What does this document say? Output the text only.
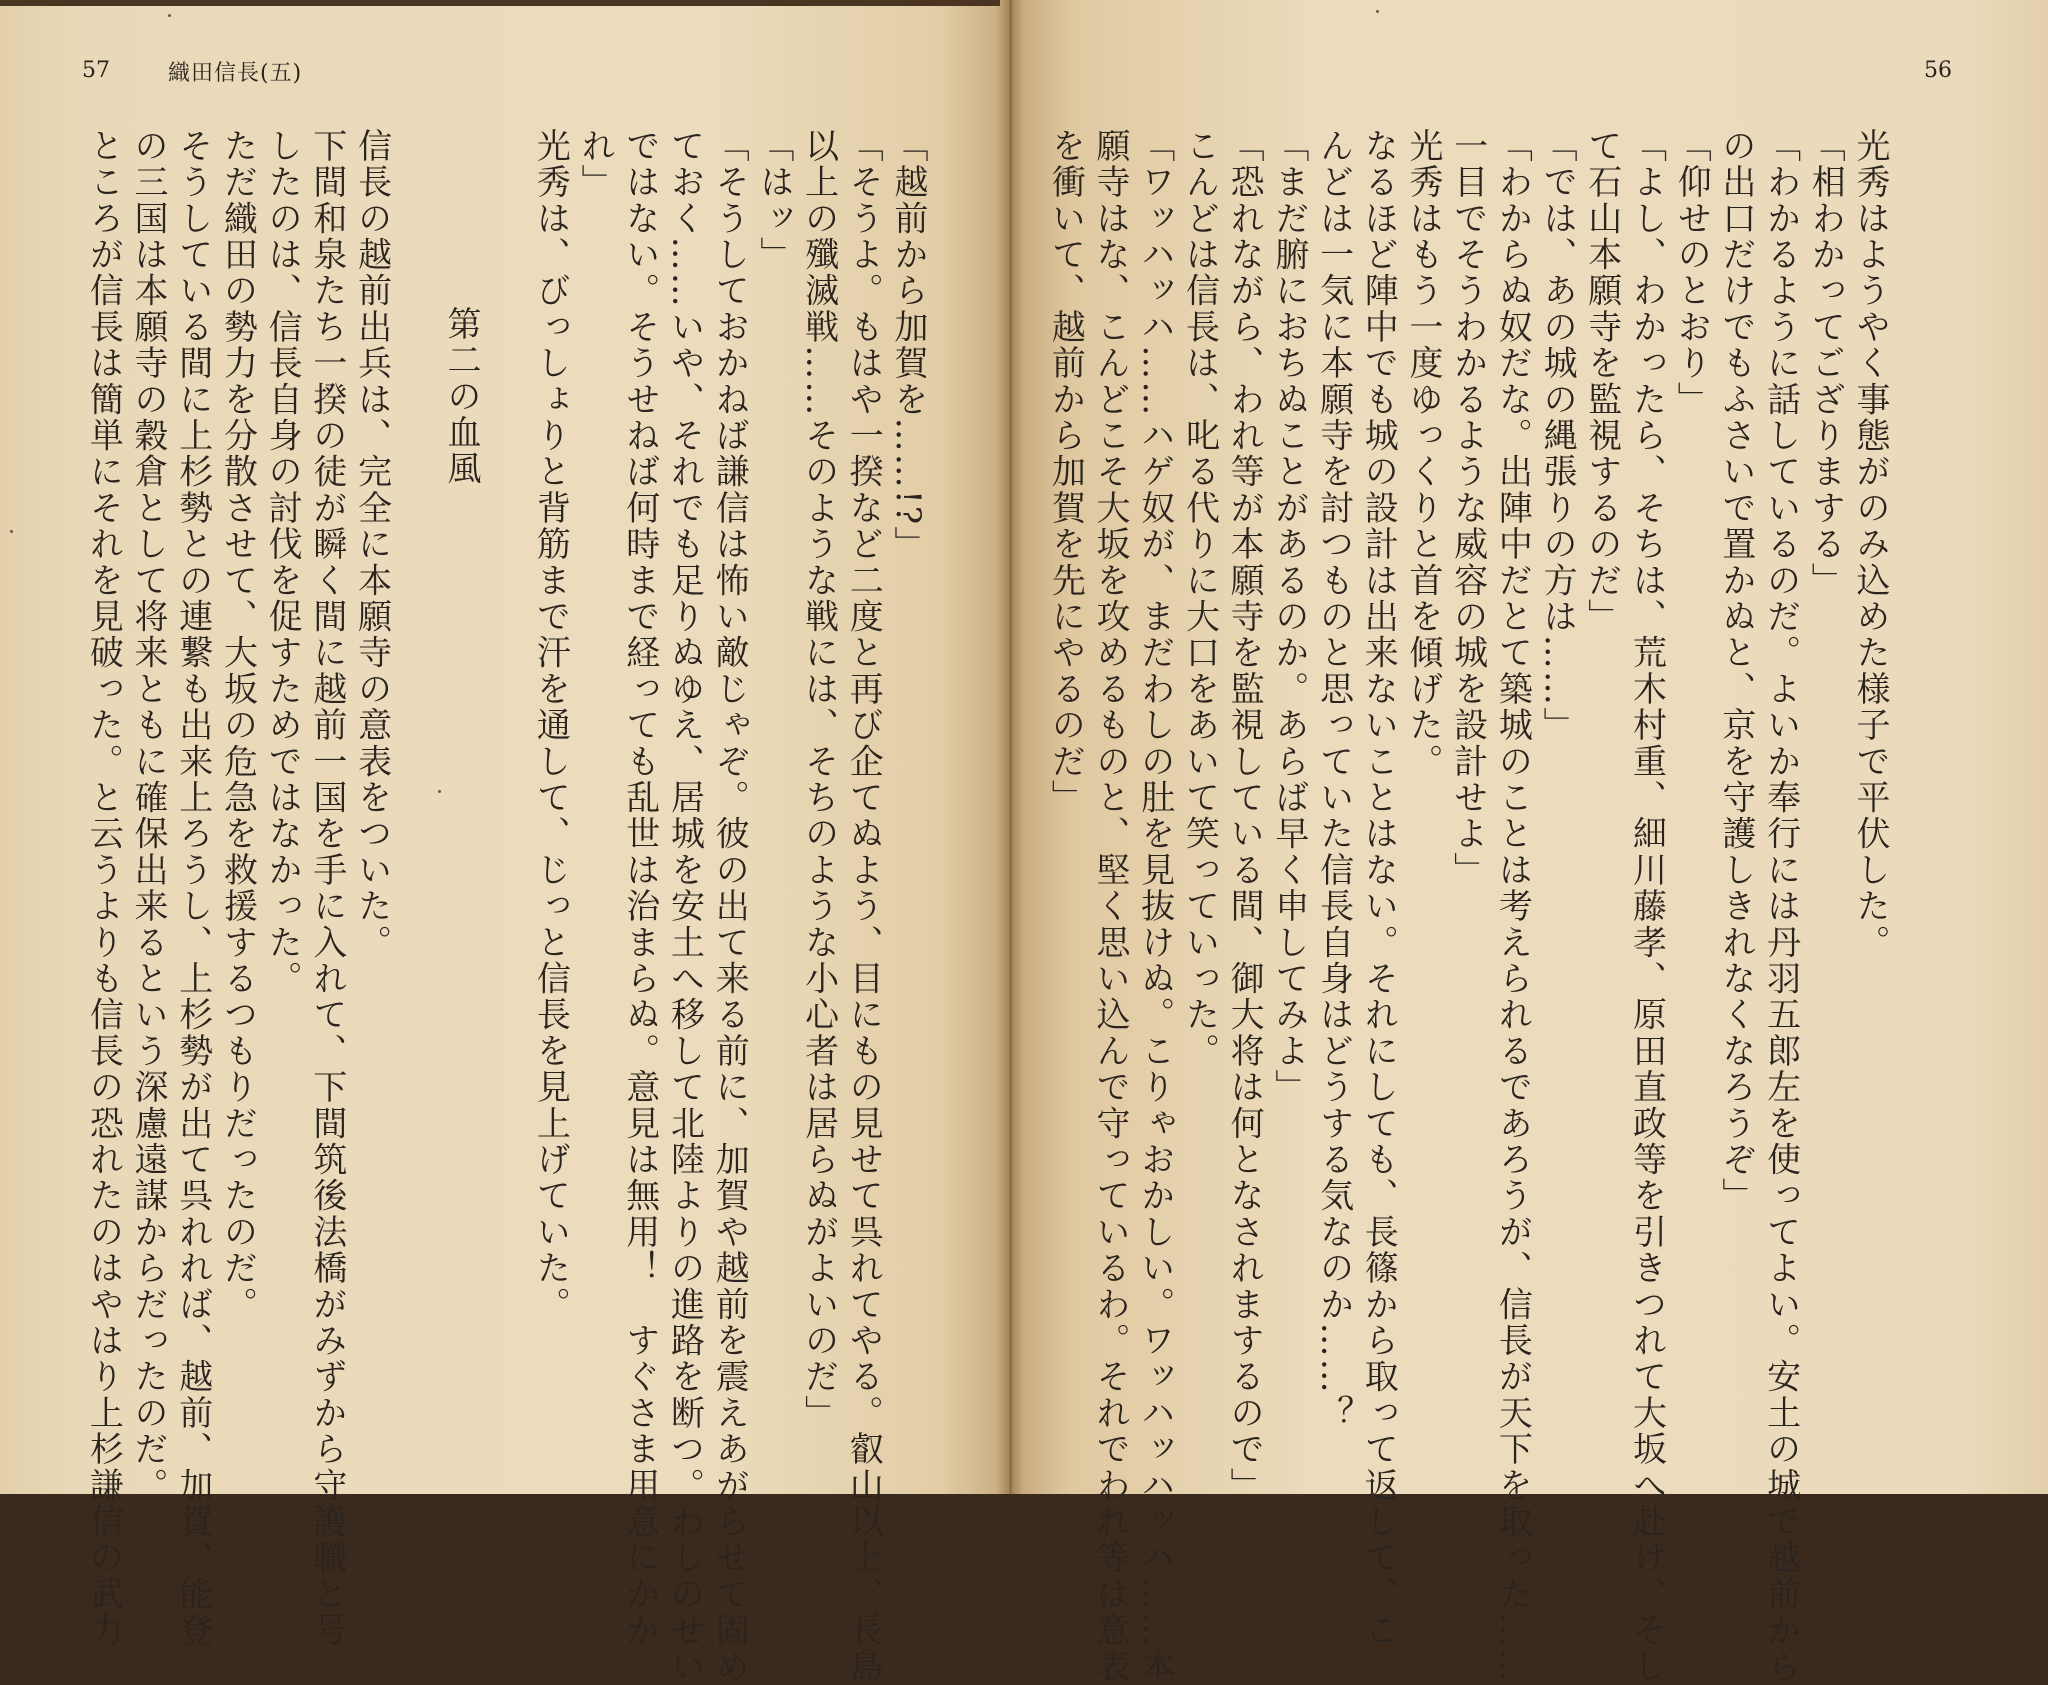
56
光秀はようやく事態がのみ込めた様子で平伏した。
「相わかってござりまする」
「わかるように話しているのだ。よいか奉行には丹羽五郎左を使ってよい。安土の城で越前から
の出口だけでもふさいで置かぬと、京を守護しきれなくなろうぞ」
「仰せのとおり」
「よし、わかったら、そちは、荒木村重、細川藤孝、原田直政等を引きつれて大坂へ赴け、そし
て石山本願寺を監視するのだ」
「では、あの城の縄張りの方は……」
「わからぬ奴だな。出陣中だとて築城のことは考えられるであろうが、信長が天下を取った……
一目でそうわかるような威容の城を設計せよ」
光秀はもう一度ゆっくりと首を傾げた。
なるほど陣中でも城の設計は出来ないことはない。それにしても、長篠から取って返して、こ
んどは一気に本願寺を討つものと思っていた信長自身はどうする気なのか……？
「まだ腑におちぬことがあるのか。あらば早く申してみよ」
「恐れながら、われ等が本願寺を監視している間、御大将は何となされまするので」
こんどは信長は、叱る代りに大口をあいて笑っていった。
「ワッハッハ……ハゲ奴が、まだわしの肚を見抜けぬ。こりゃおかしい。ワッハッハッハ……本
願寺はな、こんどこそ大坂を攻めるものと、堅く思い込んで守っているわ。それでわれ等は意表
を衝いて、越前から加賀を先にやるのだ」
57	織田信長(五)
「越前から加賀を……!?」
「そうよ。もはや一揆など二度と再び企てぬよう、目にもの見せて呉れてやる。叡山以上、長島
以上の殲滅戦……そのような戦には、そちのような小心者は居らぬがよいのだ」
「はッ」
「そうしておかねば謙信は怖い敵じゃぞ。彼の出て来る前に、加賀や越前を震えあがらせて固め
ておく……いや、それでも足りぬゆえ、居城を安土へ移して北陸よりの進路を断つ。わしのせい
ではない。そうせねば何時まで経っても乱世は治まらぬ。意見は無用！　すぐさま用意にかか
れ」
光秀は、びっしょりと背筋まで汗を通して、じっと信長を見上げていた。
第二の血風
信長の越前出兵は、完全に本願寺の意表をついた。
下間和泉たち一揆の徒が瞬く間に越前一国を手に入れて、下間筑後法橋がみずから守護職と号
したのは、信長自身の討伐を促すためではなかった。
ただ織田の勢力を分散させて、大坂の危急を救援するつもりだったのだ。
そうしている間に上杉勢との連繋も出来上ろうし、上杉勢が出て呉れれば、越前、加賀、能登
の三国は本願寺の穀倉として将来ともに確保出来るという深慮遠謀からだったのだ。
ところが信長は簡単にそれを見破った。と云うよりも信長の恐れたのはやはり上杉謙信の武力
